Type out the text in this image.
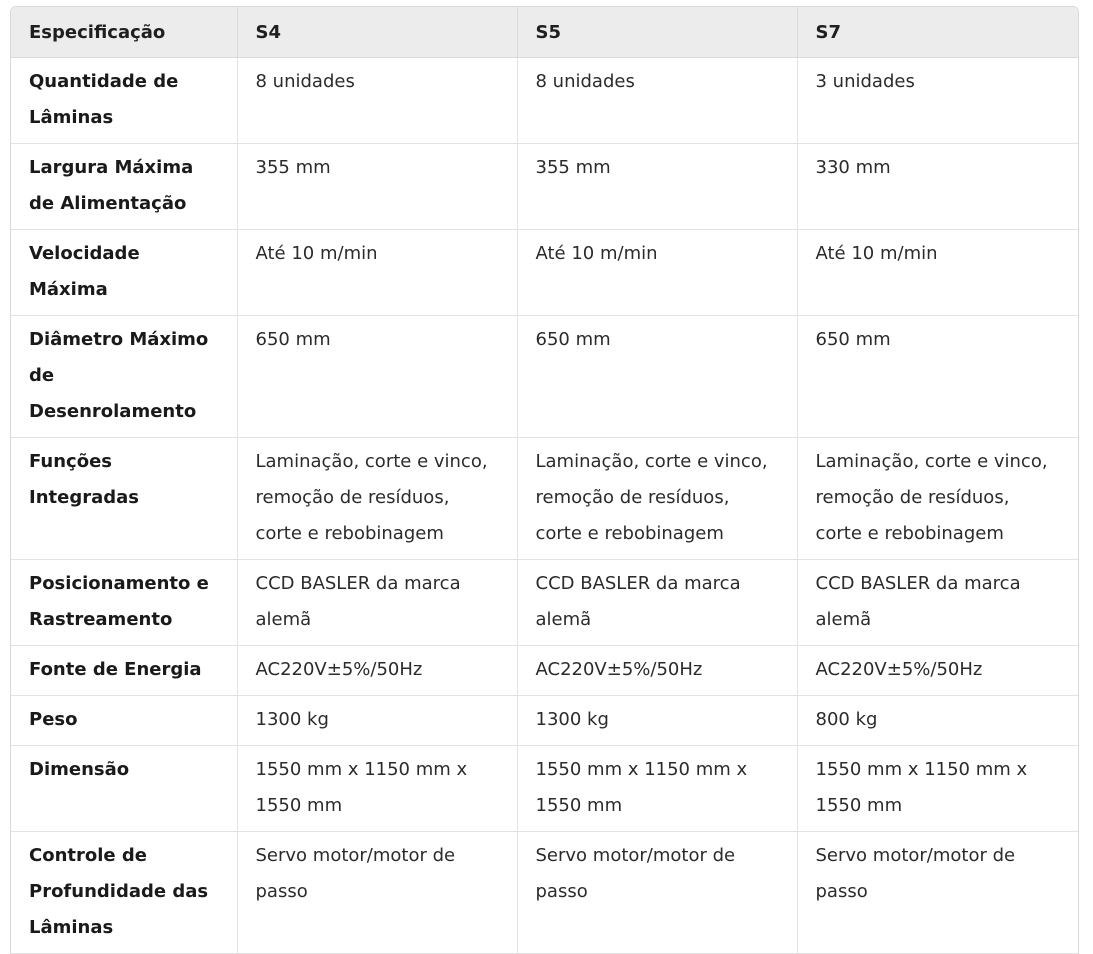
Especificação	S4	S5	S7
Quantidade de Lâminas	8 unidades	8 unidades	3 unidades
Largura Máxima de Alimentação	355 mm	355 mm	330 mm
Velocidade Máxima	Até 10 m/min	Até 10 m/min	Até 10 m/min
Diâmetro Máximo de Desenrolamento	650 mm	650 mm	650 mm
Funções Integradas	Laminação, corte e vinco, remoção de resíduos, corte e rebobinagem	Laminação, corte e vinco, remoção de resíduos, corte e rebobinagem	Laminação, corte e vinco, remoção de resíduos, corte e rebobinagem
Posicionamento e Rastreamento	CCD BASLER da marca alemã	CCD BASLER da marca alemã	CCD BASLER da marca alemã
Fonte de Energia	AC220V±5%/50Hz	AC220V±5%/50Hz	AC220V±5%/50Hz
Peso	1300 kg	1300 kg	800 kg
Dimensão	1550 mm x 1150 mm x 1550 mm	1550 mm x 1150 mm x 1550 mm	1550 mm x 1150 mm x 1550 mm
Controle de Profundidade das Lâminas	Servo motor/motor de passo	Servo motor/motor de passo	Servo motor/motor de passo
